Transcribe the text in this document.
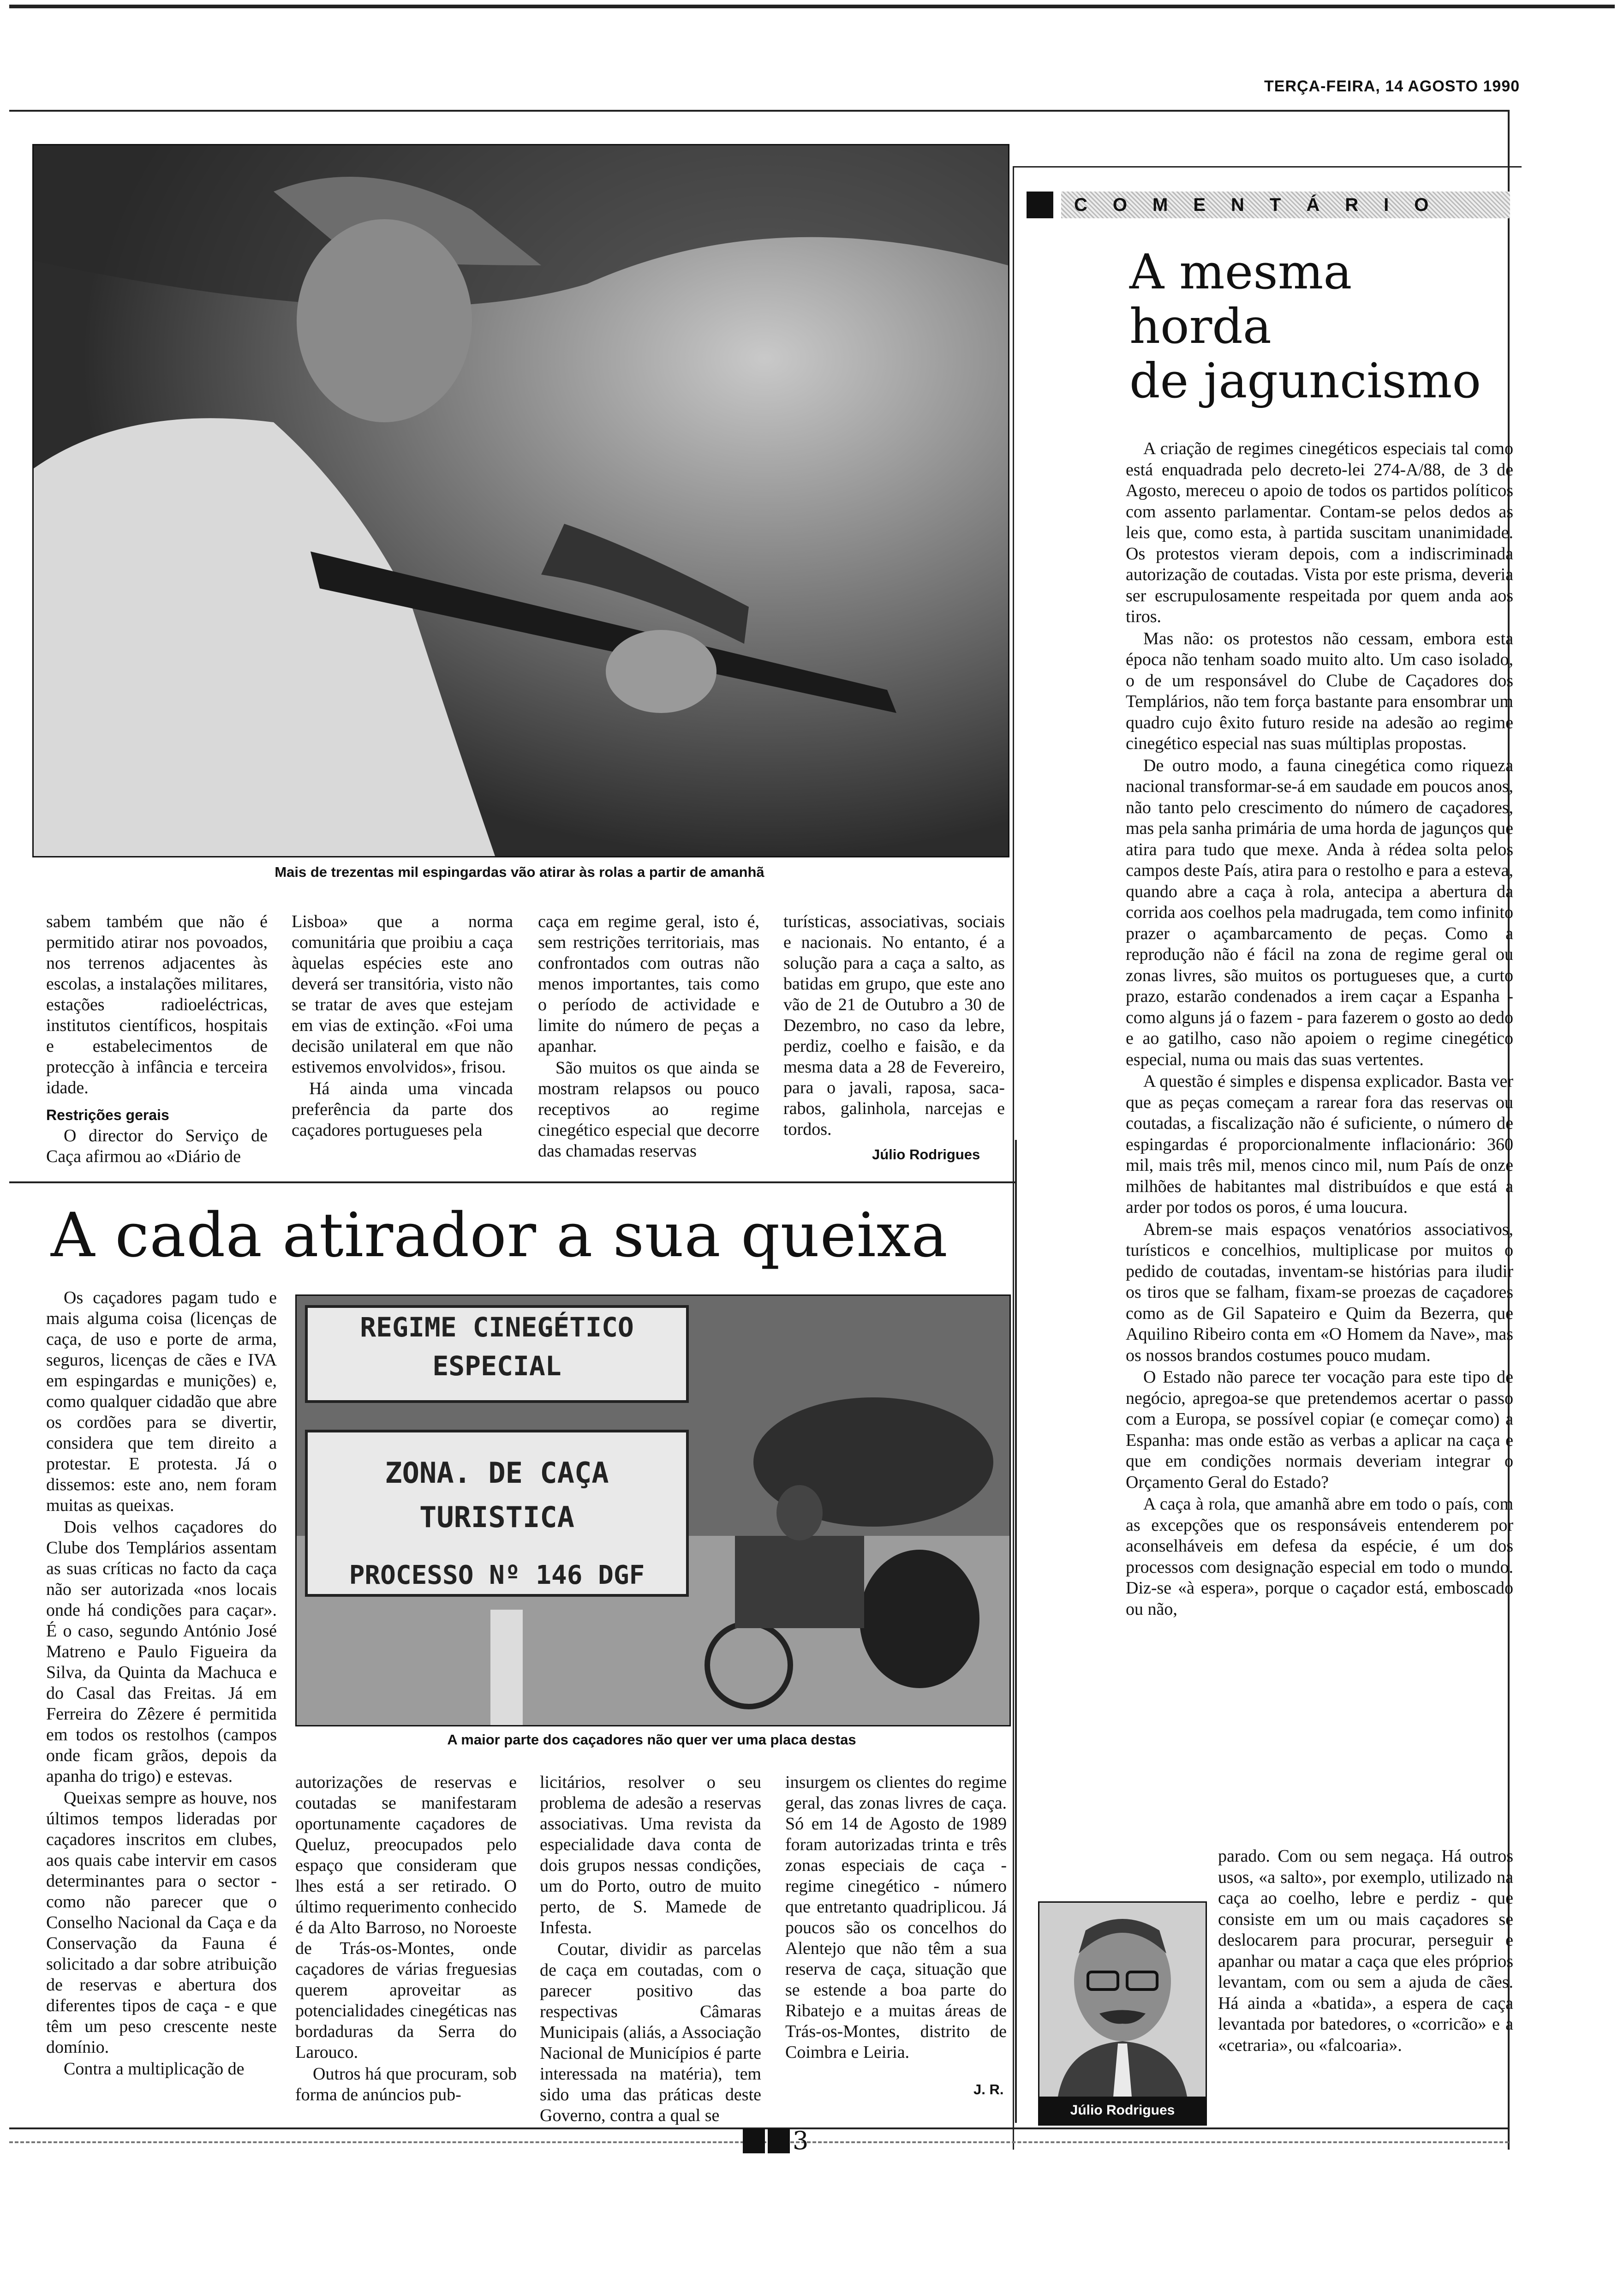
TERÇA-FEIRA, 14 AGOSTO 1990
Mais de trezentas mil espingardas vão atirar às rolas a partir de amanhã

sabem também que não é permitido atirar nos povoados, nos terrenos adjacentes às escolas, a instalações militares, estações radioeléctricas, institutos científicos, hospitais e estabelecimentos de protecção à infância e terceira idade.

Restrições gerais

O director do Serviço de Caça afirmou ao «Diário de

Lisboa» que a norma comunitária que proibiu a caça àquelas espécies este ano deverá ser transitória, visto não se tratar de aves que estejam em vias de extinção. «Foi uma decisão unilateral em que não estivemos envolvidos», frisou.

Há ainda uma vincada preferência da parte dos caçadores portugueses pela

caça em regime geral, isto é, sem restrições territoriais, mas confrontados com outras não menos importantes, tais como o período de actividade e limite do número de peças a apanhar.

São muitos os que ainda se mostram relapsos ou pouco receptivos ao regime cinegético especial que decorre das chamadas reservas

turísticas, associativas, sociais e nacionais. No entanto, é a solução para a caça a salto, as batidas em grupo, que este ano vão de 21 de Outubro a 30 de Dezembro, no caso da lebre, perdiz, coelho e faisão, e da mesma data a 28 de Fevereiro, para o javali, raposa, saca-rabos, galinhola, narcejas e tordos.

Júlio Rodrigues
A cada atirador a sua queixa

Os caçadores pagam tudo e mais alguma coisa (licenças de caça, de uso e porte de arma, seguros, licenças de cães e IVA em espingardas e munições) e, como qualquer cidadão que abre os cordões para se divertir, considera que tem direito a protestar. E protesta. Já o dissemos: este ano, nem foram muitas as queixas.

Dois velhos caçadores do Clube dos Templários assentam as suas críticas no facto da caça não ser autorizada «nos locais onde há condições para caçar». É o caso, segundo António José Matreno e Paulo Figueira da Silva, da Quinta da Machuca e do Casal das Freitas. Já em Ferreira do Zêzere é permitida em todos os restolhos (campos onde ficam grãos, depois da apanha do trigo) e estevas.

Queixas sempre as houve, nos últimos tempos lideradas por caçadores inscritos em clubes, aos quais cabe intervir em casos determinantes para o sector - como não parecer que o Conselho Nacional da Caça e da Conservação da Fauna é solicitado a dar sobre atribuição de reservas e abertura dos diferentes tipos de caça - e que têm um peso crescente neste domínio.

Contra a multiplicação de

REGIME CINEGÉTICO
ESPECIAL
ZONA. DE CAÇA
TURISTICA
PROCESSO Nº 146 DGF
A maior parte dos caçadores não quer ver uma placa destas

autorizações de reservas e coutadas se manifestaram oportunamente caçadores de Queluz, preocupados pelo espaço que consideram que lhes está a ser retirado. O último requerimento conhecido é da Alto Barroso, no Noroeste de Trás-os-Montes, onde caçadores de várias freguesias querem aproveitar as potencialidades cinegéticas nas bordaduras da Serra do Larouco.

Outros há que procuram, sob forma de anúncios pub-

licitários, resolver o seu problema de adesão a reservas associativas. Uma revista da especialidade dava conta de dois grupos nessas condições, um do Porto, outro de muito perto, de S. Mamede de Infesta.

Coutar, dividir as parcelas de caça em coutadas, com o parecer positivo das respectivas Câmaras Municipais (aliás, a Associação Nacional de Municípios é parte interessada na matéria), tem sido uma das práticas deste Governo, contra a qual se

insurgem os clientes do regime geral, das zonas livres de caça. Só em 14 de Agosto de 1989 foram autorizadas trinta e três zonas especiais de caça - regime cinegético - número que entretanto quadriplicou. Já poucos são os concelhos do Alentejo que não têm a sua reserva de caça, situação que se estende a boa parte do Ribatejo e a muitas áreas de Trás-os-Montes, distrito de Coimbra e Leiria.

J. R.
COMENTÁRIO
A mesma
horda
de jaguncismo

A criação de regimes cinegéticos especiais tal como está enquadrada pelo decreto-lei 274-A/88, de 3 de Agosto, mereceu o apoio de todos os partidos políticos com assento parlamentar. Contam-se pelos dedos as leis que, como esta, à partida suscitam unanimidade. Os protestos vieram depois, com a indiscriminada autorização de coutadas. Vista por este prisma, deveria ser escrupulosamente respeitada por quem anda aos tiros.

Mas não: os protestos não cessam, embora esta época não tenham soado muito alto. Um caso isolado, o de um responsável do Clube de Caçadores dos Templários, não tem força bastante para ensombrar um quadro cujo êxito futuro reside na adesão ao regime cinegético especial nas suas múltiplas propostas.

De outro modo, a fauna cinegética como riqueza nacional transformar-se-á em saudade em poucos anos, não tanto pelo crescimento do número de caçadores, mas pela sanha primária de uma horda de jagunços que atira para tudo que mexe. Anda à rédea solta pelos campos deste País, atira para o restolho e para a esteva, quando abre a caça à rola, antecipa a abertura da corrida aos coelhos pela madrugada, tem como infinito prazer o açambarcamento de peças. Como a reprodução não é fácil na zona de regime geral ou zonas livres, são muitos os portugueses que, a curto prazo, estarão condenados a irem caçar a Espanha - como alguns já o fazem - para fazerem o gosto ao dedo e ao gatilho, caso não apoiem o regime cinegético especial, numa ou mais das suas vertentes.

A questão é simples e dispensa explicador. Basta ver que as peças começam a rarear fora das reservas ou coutadas, a fiscalização não é suficiente, o número de espingardas é proporcionalmente inflacionário: 360 mil, mais três mil, menos cinco mil, num País de onze milhões de habitantes mal distribuídos e que está a arder por todos os poros, é uma loucura.

Abrem-se mais espaços venatórios associativos, turísticos e concelhios, multiplicase por muitos o pedido de coutadas, inventam-se histórias para iludir os tiros que se falham, fixam-se proezas de caçadores como as de Gil Sapateiro e Quim da Bezerra, que Aquilino Ribeiro conta em «O Homem da Nave», mas os nossos brandos costumes pouco mudam.

O Estado não parece ter vocação para este tipo de negócio, apregoa-se que pretendemos acertar o passo com a Europa, se possível copiar (e começar como) a Espanha: mas onde estão as verbas a aplicar na caça e que em condições normais deveriam integrar o Orçamento Geral do Estado?

A caça à rola, que amanhã abre em todo o país, com as excepções que os responsáveis entenderem por aconselháveis em defesa da espécie, é um dos processos com designação especial em todo o mundo. Diz-se «à espera», porque o caçador está, emboscado ou não,

parado. Com ou sem negaça. Há outros usos, «a salto», por exemplo, utilizado na caça ao coelho, lebre e perdiz - que consiste em um ou mais caçadores se deslocarem para procurar, perseguir e apanhar ou matar a caça que eles próprios levantam, com ou sem a ajuda de cães. Há ainda a «batida», a espera de caça levantada por batedores, o «corricão» e a «cetraria», ou «falcoaria».

Júlio Rodrigues
3
